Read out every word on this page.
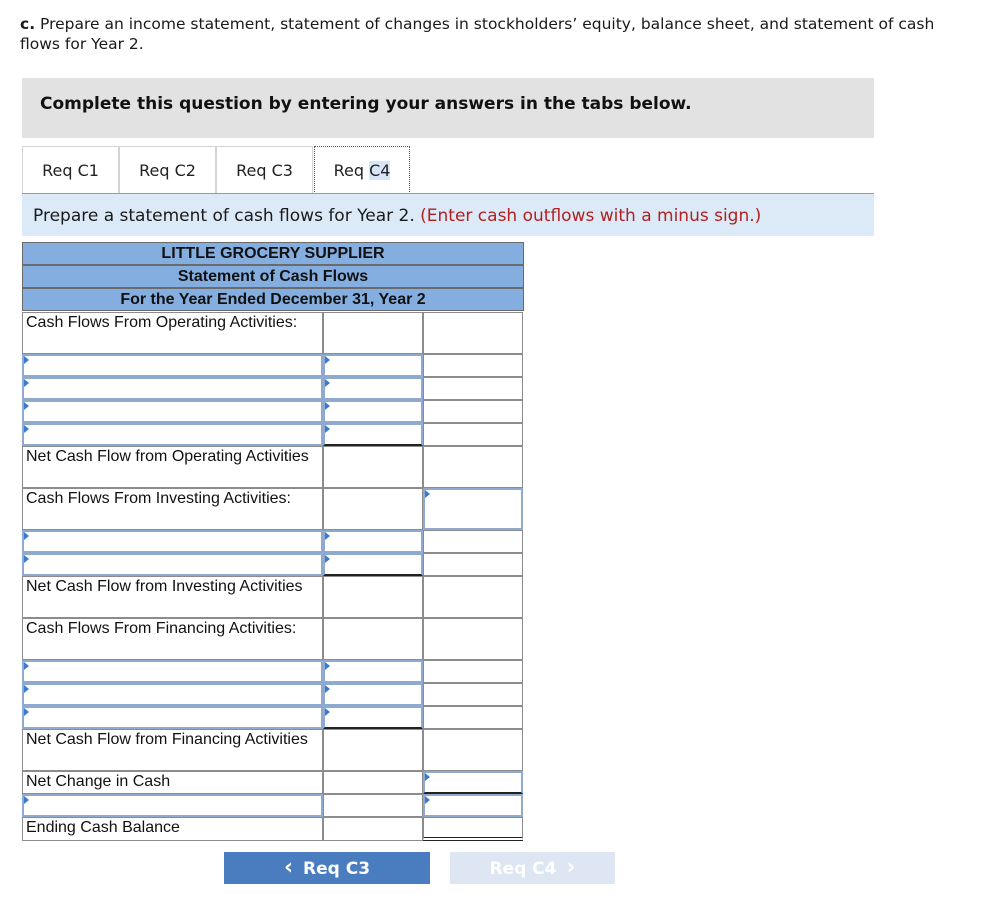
c. Prepare an income statement, statement of changes in stockholders’ equity, balance sheet, and statement of cash flows for Year 2.
Complete this question by entering your answers in the tabs below.
Req C1	Req C2	Req C3	Req C4
Prepare a statement of cash flows for Year 2. (Enter cash outflows with a minus sign.)
LITTLE GROCERY SUPPLIER
Statement of Cash Flows
For the Year Ended December 31, Year 2
Cash Flows From Operating Activities:
Net Cash Flow from Operating Activities
Cash Flows From Investing Activities:
Net Cash Flow from Investing Activities
Cash Flows From Financing Activities:
Net Cash Flow from Financing Activities
Net Change in Cash
Ending Cash Balance
‹ Req C3	Req C4 ›
